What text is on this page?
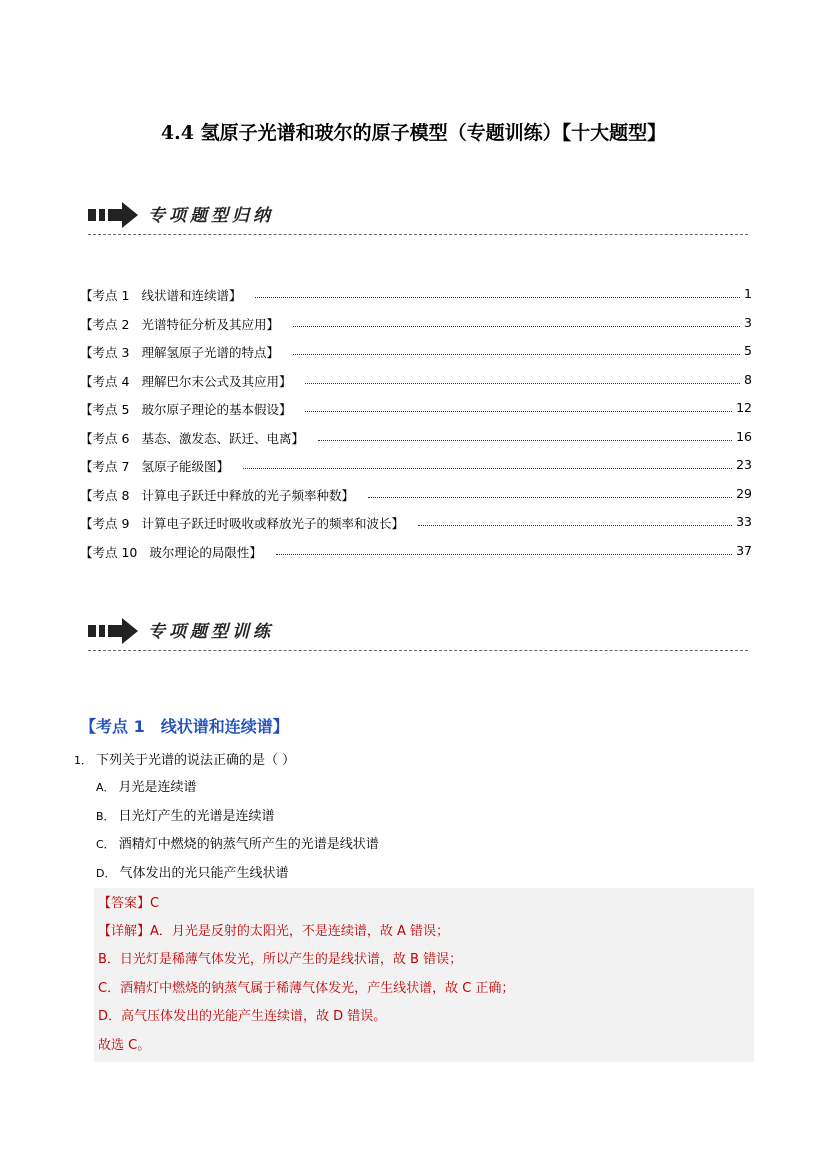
4.4 氢原子光谱和玻尔的原子模型（专题训练）【十大题型】
专项题型归纳
【考点 1 线状谱和连续谱】	1
【考点 2 光谱特征分析及其应用】	3
【考点 3 理解氢原子光谱的特点】	5
【考点 4 理解巴尔末公式及其应用】	8
【考点 5 玻尔原子理论的基本假设】	12
【考点 6 基态、激发态、跃迁、电离】	16
【考点 7 氢原子能级图】	23
【考点 8 计算电子跃迁中释放的光子频率种数】	29
【考点 9 计算电子跃迁时吸收或释放光子的频率和波长】	33
【考点 10 玻尔理论的局限性】	37
专项题型训练
【考点 1 线状谱和连续谱】
1． 下列关于光谱的说法正确的是（ ）
A． 月光是连续谱
B． 日光灯产生的光谱是连续谱
C． 酒精灯中燃烧的钠蒸气所产生的光谱是线状谱
D． 气体发出的光只能产生线状谱
【答案】C
【详解】A．月光是反射的太阳光，不是连续谱，故 A 错误；
B．日光灯是稀薄气体发光，所以产生的是线状谱，故 B 错误；
C．酒精灯中燃烧的钠蒸气属于稀薄气体发光，产生线状谱，故 C 正确；
D．高气压体发出的光能产生连续谱，故 D 错误。
故选 C。
